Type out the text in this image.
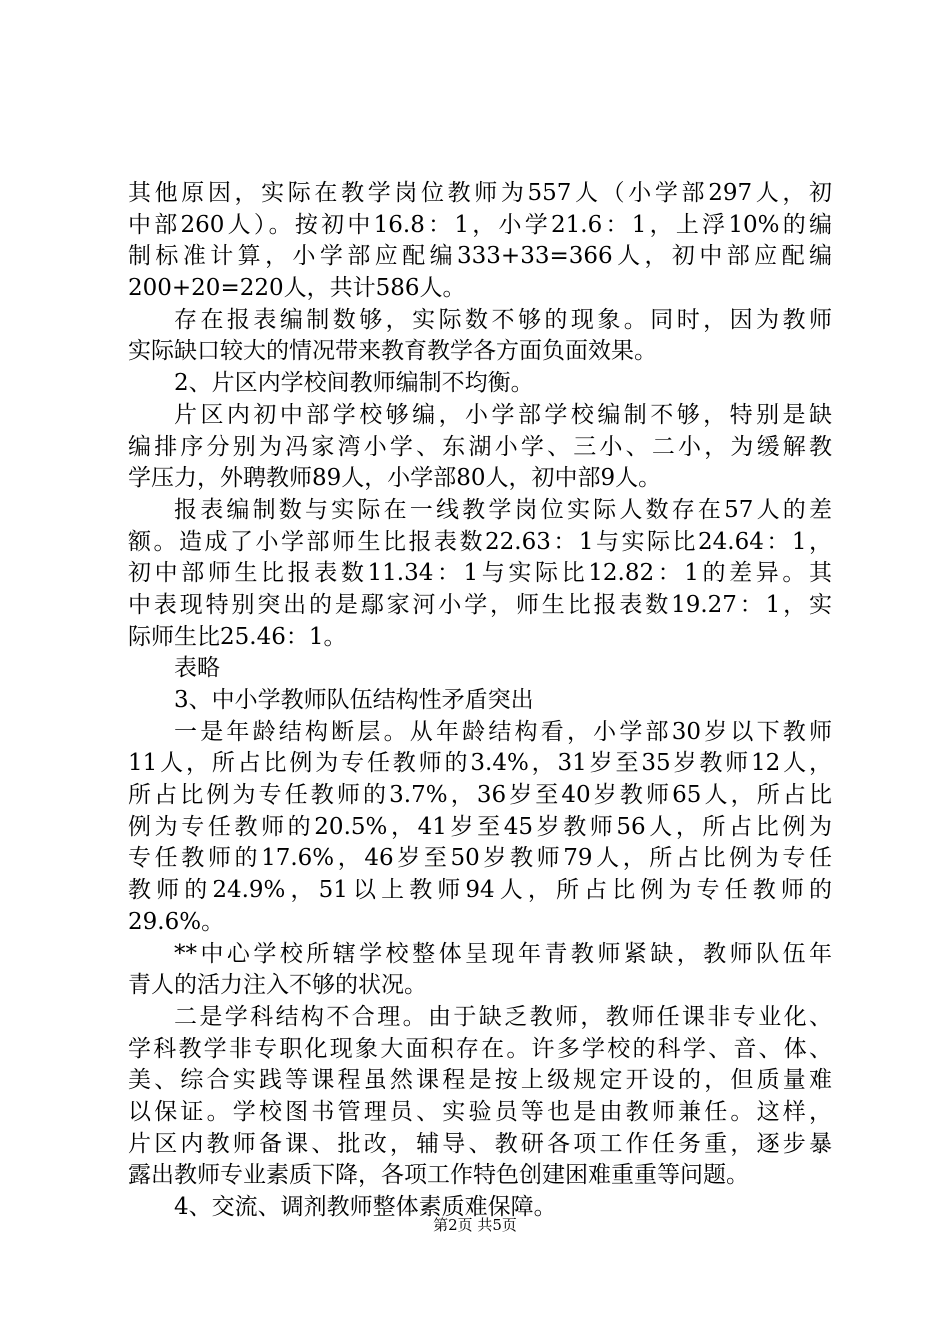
其他原因，实际在教学岗位教师为557人（小学部297人，初
中部260人）。按初中16.8：1，小学21.6：1，上浮10%的编
制标准计算，小学部应配编333+33=366人，初中部应配编
200+20=220人，共计586人。
存在报表编制数够，实际数不够的现象。同时，因为教师
实际缺口较大的情况带来教育教学各方面负面效果。
2、片区内学校间教师编制不均衡。
片区内初中部学校够编，小学部学校编制不够，特别是缺
编排序分别为冯家湾小学、东湖小学、三小、二小，为缓解教
学压力，外聘教师89人，小学部80人，初中部9人。
报表编制数与实际在一线教学岗位实际人数存在57人的差
额。造成了小学部师生比报表数22.63：1与实际比24.64：1，
初中部师生比报表数11.34：1与实际比12.82：1的差异。其
中表现特别突出的是鄢家河小学，师生比报表数19.27：1，实
际师生比25.46：1。
表略
3、中小学教师队伍结构性矛盾突出
一是年龄结构断层。从年龄结构看，小学部30岁以下教师
11人，所占比例为专任教师的3.4%，31岁至35岁教师12人，
所占比例为专任教师的3.7%，36岁至40岁教师65人，所占比
例为专任教师的20.5%，41岁至45岁教师56人，所占比例为
专任教师的17.6%，46岁至50岁教师79人，所占比例为专任
教师的24.9%，51以上教师94人，所占比例为专任教师的
29.6%。
**中心学校所辖学校整体呈现年青教师紧缺，教师队伍年
青人的活力注入不够的状况。
二是学科结构不合理。由于缺乏教师，教师任课非专业化、
学科教学非专职化现象大面积存在。许多学校的科学、音、体、
美、综合实践等课程虽然课程是按上级规定开设的，但质量难
以保证。学校图书管理员、实验员等也是由教师兼任。这样，
片区内教师备课、批改，辅导、教研各项工作任务重，逐步暴
露出教师专业素质下降，各项工作特色创建困难重重等问题。
4、交流、调剂教师整体素质难保障。
第2页 共5页
